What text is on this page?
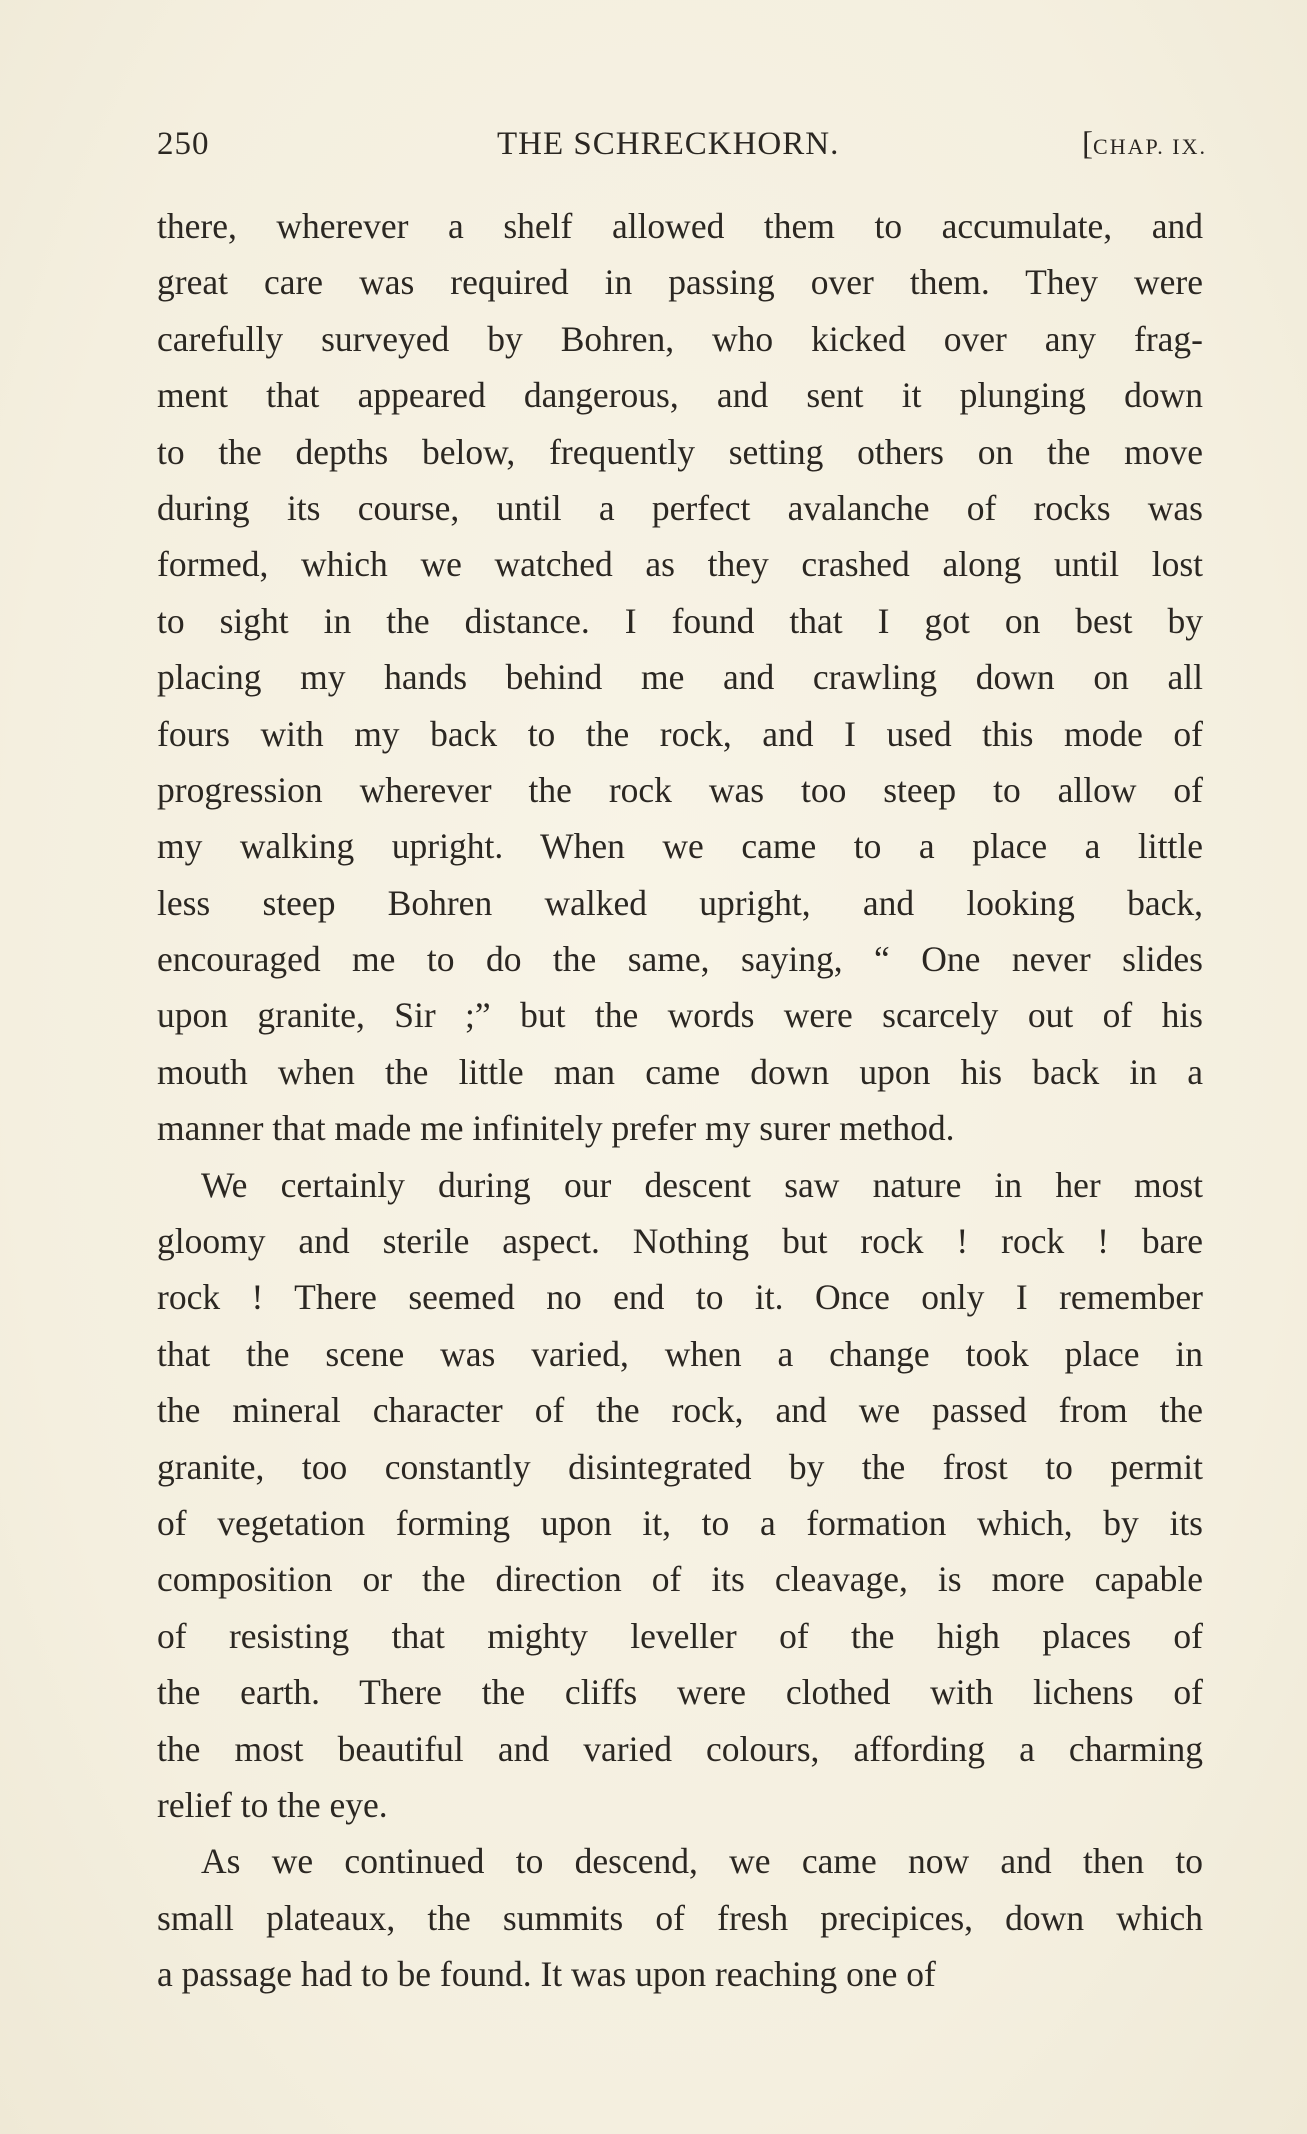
250	THE SCHRECKHORN.	[CHAP. IX.
there, wherever a shelf allowed them to accumulate, and
great care was required in passing over them. They were
carefully surveyed by Bohren, who kicked over any frag-
ment that appeared dangerous, and sent it plunging down
to the depths below, frequently setting others on the move
during its course, until a perfect avalanche of rocks was
formed, which we watched as they crashed along until lost
to sight in the distance. I found that I got on best by
placing my hands behind me and crawling down on all
fours with my back to the rock, and I used this mode of
progression wherever the rock was too steep to allow of
my walking upright. When we came to a place a little
less steep Bohren walked upright, and looking back,
encouraged me to do the same, saying, “ One never slides
upon granite, Sir ;” but the words were scarcely out of his
mouth when the little man came down upon his back in a
manner that made me infinitely prefer my surer method.
We certainly during our descent saw nature in her most
gloomy and sterile aspect. Nothing but rock ! rock ! bare
rock ! There seemed no end to it. Once only I remember
that the scene was varied, when a change took place in
the mineral character of the rock, and we passed from the
granite, too constantly disintegrated by the frost to permit
of vegetation forming upon it, to a formation which, by its
composition or the direction of its cleavage, is more capable
of resisting that mighty leveller of the high places of
the earth. There the cliffs were clothed with lichens of
the most beautiful and varied colours, affording a charming
relief to the eye.
As we continued to descend, we came now and then to
small plateaux, the summits of fresh precipices, down which
a passage had to be found. It was upon reaching one of
